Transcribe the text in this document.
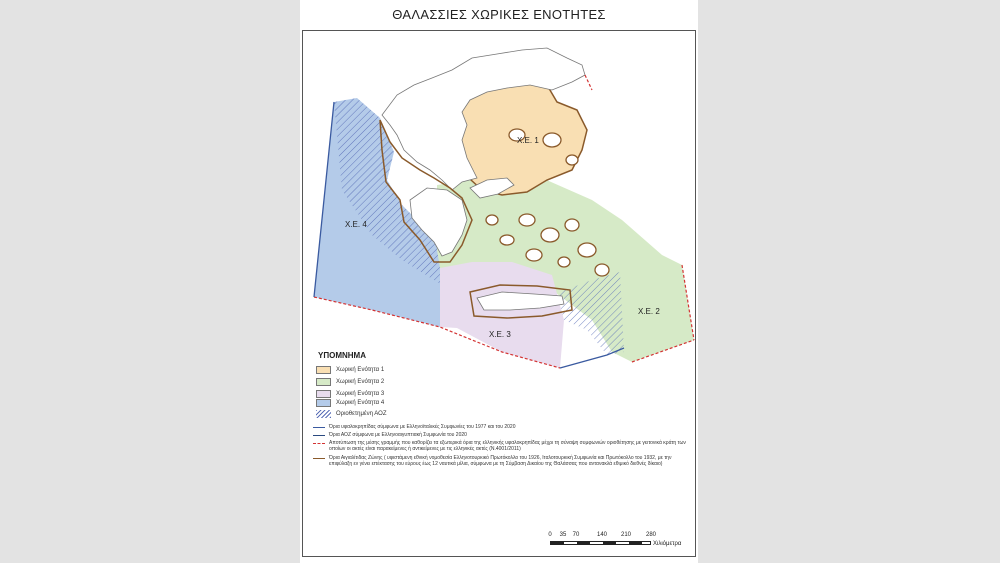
ΘΑΛΑΣΣΙΕΣ ΧΩΡΙΚΕΣ ΕΝΟΤΗΤΕΣ
Χ.Ε. 1
Χ.Ε. 2
Χ.Ε. 3
Χ.Ε. 4
ΥΠΟΜΝΗΜΑ
Χωρική Ενότητα 1
Χωρική Ενότητα 2
Χωρική Ενότητα 3
Χωρική Ενότητα 4
Οριοθετημένη ΑΟΖ
Όρια υφαλοκρηπίδας σύμφωνα με Ελληνοϊταλικές Συμφωνίες του 1977 και του 2020
Όρια ΑΟΖ σύμφωνα με Ελληνοαιγυπτιακή Συμφωνία του 2020
Αποτύπωση της μέσης γραμμής που καθορίζει τα εξωτερικά όρια της ελληνικής υφαλοκρηπίδας μέχρι τη σύναψη συμφωνιών οριοθέτησης με γειτονικά κράτη των οποίων οι ακτές είναι παρακείμενες ή αντικείμενες με τις ελληνικές ακτές (Ν.4001/2011)
Όρια Αιγιαλίτιδας Ζώνης ( υφιστάμενη εθνική νομοθεσία Ελληνοτουρκικό Πρωτόκολλο του 1926, Ιταλοτουρκική Συμφωνία και Πρωτόκολλο του 1932, με την επιφύλαξη εν γένει επέκτασης του εύρους έως 12 ναυτικά μίλια, σύμφωνα με τη Σύμβαση Δικαίου της Θαλάσσας που αντανακλά εθιμικό διεθνές δίκαιο)
0 35 70	140 210 280
Χιλιόμετρα
